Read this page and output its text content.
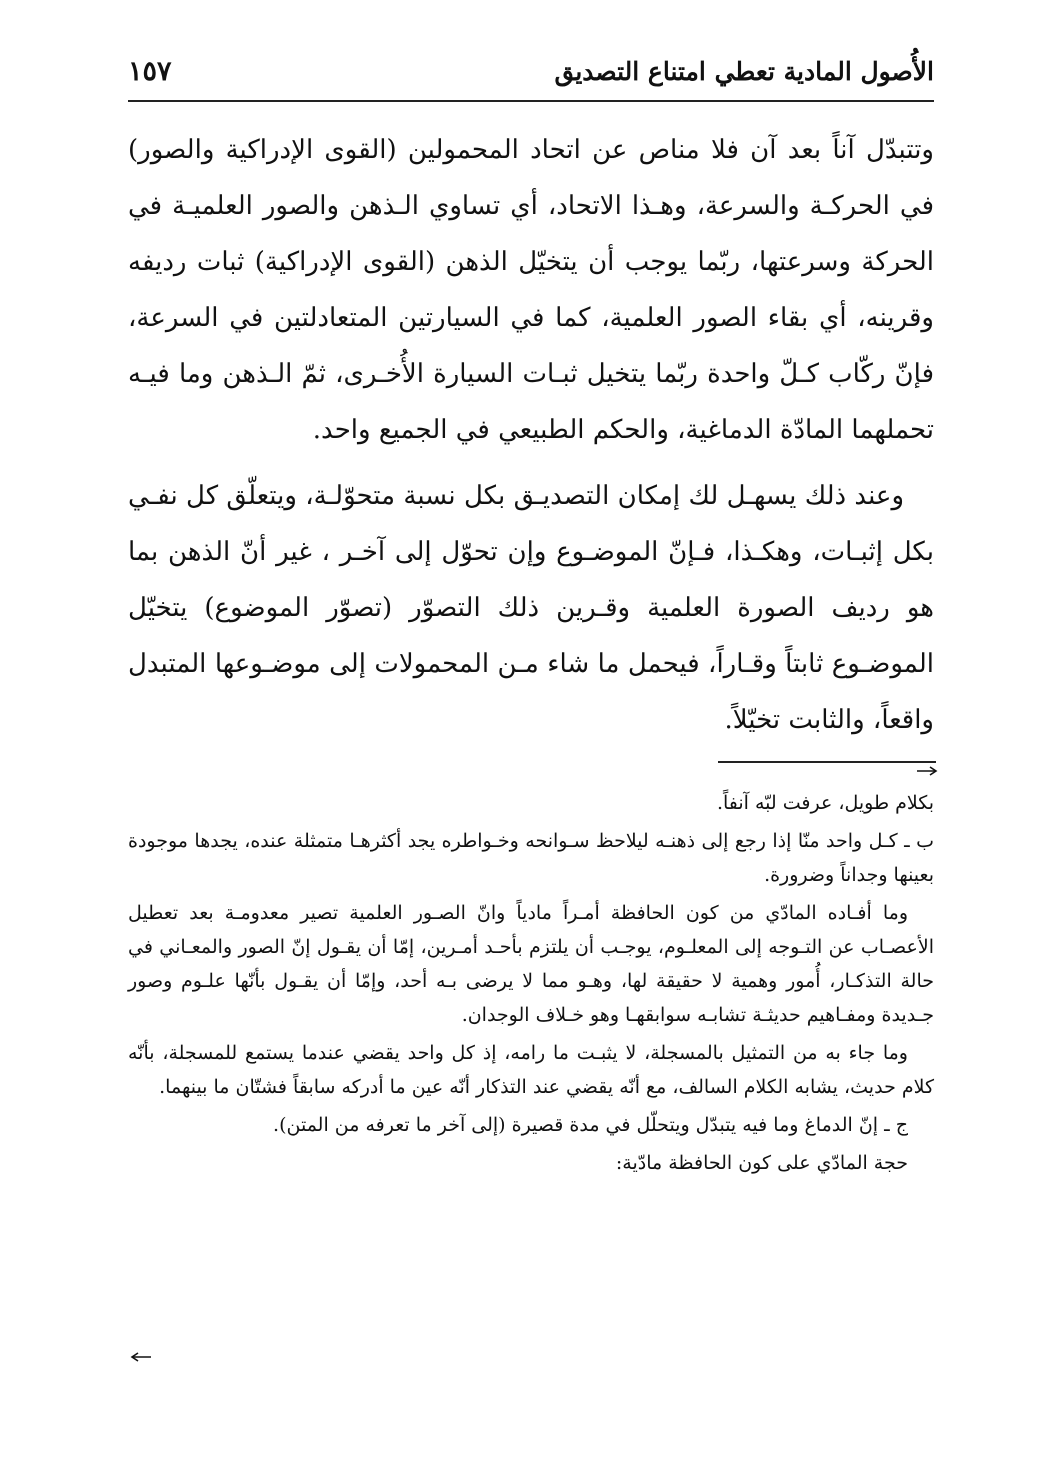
الأُصول المادية تعطي امتناع التصديق
١٥٧

وتتبدّل آناً بعد آن فلا مناص عن اتحاد المحمولين (القوى الإدراكية والصور) في الحركـة والسرعة، وهـذا الاتحاد، أي تساوي الـذهن والصور العلميـة في الحركة وسرعتها، ربّما يوجب أن يتخيّل الذهن (القوى الإدراكية) ثبات رديفه وقرينه، أي بقاء الصور العلمية، كما في السيارتين المتعادلتين في السرعة، فإنّ ركّاب كـلّ واحدة ربّما يتخيل ثبـات السيارة الأُخـرى، ثمّ الـذهن وما فيـه تحملهما المادّة الدماغية، والحكم الطبيعي في الجميع واحد.

وعند ذلك يسهـل لك إمكان التصديـق بكل نسبة متحوّلـة، ويتعلّق كل نفـي بكل إثبـات، وهكـذا، فـإنّ الموضـوع وإن تحوّل إلى آخـر ، غير أنّ الذهن بما هو رديف الصورة العلمية وقـرين ذلك التصوّر (تصوّر الموضوع) يتخيّل الموضـوع ثابتاً وقـاراً، فيحمل ما شاء مـن المحمولات إلى موضـوعها المتبدل واقعاً، والثابت تخيّلاً.

بكلام طويل، عرفت لبّه آنفاً.

ب ـ كـل واحد منّا إذا رجع إلى ذهنـه ليلاحظ سـوانحه وخـواطره يجد أكثرهـا متمثلة عنده، يجدها موجودة بعينها وجداناً وضرورة.

وما أفـاده المادّي من كون الحافظة أمـراً مادياً وانّ الصـور العلمية تصير معدومـة بعد تعطيل الأعصـاب عن التـوجه إلى المعلـوم، يوجـب أن يلتزم بأحـد أمـرين، إمّا أن يقـول إنّ الصور والمعـاني في حالة التذكـار، أُمور وهمية لا حقيقة لها، وهـو مما لا يرضى بـه أحد، وإمّا أن يقـول بأنّها علـوم وصور جـديدة ومفـاهيم حديثـة تشابـه سوابقهـا وهو خـلاف الوجدان.

وما جاء به من التمثيل بالمسجلة، لا يثبـت ما رامه، إذ كل واحد يقضي عندما يستمع للمسجلة، بأنّه كلام حديث، يشابه الكلام السالف، مع أنّه يقضي عند التذكار أنّه عين ما أدركه سابقاً فشتّان ما بينهما.

ج ـ إنّ الدماغ وما فيه يتبدّل ويتحلّل في مدة قصيرة (إلى آخر ما تعرفه من المتن).

حجة المادّي على كون الحافظة مادّية:
